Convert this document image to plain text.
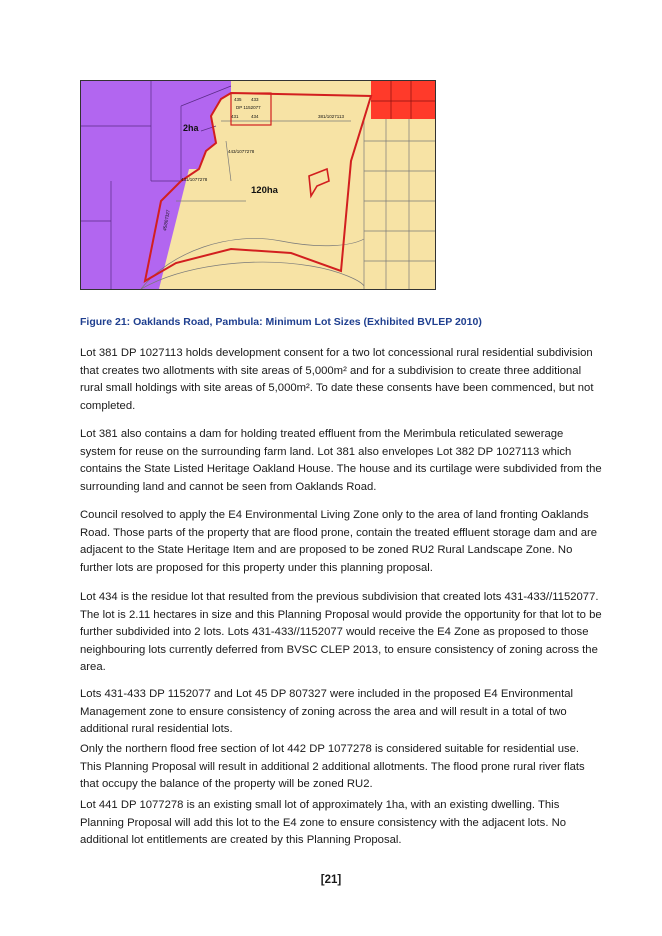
2ha
120ha
435 433
DP 1152077
431	434	381/1027113
443/1077278
431/1077278
45/807327
Figure 21: Oaklands Road, Pambula: Minimum Lot Sizes (Exhibited BVLEP 2010)

Lot 381 DP 1027113 holds development consent for a two lot concessional rural residential subdivision that creates two allotments with site areas of 5,000m² and for a subdivision to create three additional rural small holdings with site areas of 5,000m². To date these consents have been commenced, but not completed.

Lot 381 also contains a dam for holding treated effluent from the Merimbula reticulated sewerage system for reuse on the surrounding farm land. Lot 381 also envelopes Lot 382 DP 1027113 which contains the State Listed Heritage Oakland House. The house and its curtilage were subdivided from the surrounding land and cannot be seen from Oaklands Road.

Council resolved to apply the E4 Environmental Living Zone only to the area of land fronting Oaklands Road. Those parts of the property that are flood prone, contain the treated effluent storage dam and are adjacent to the State Heritage Item and are proposed to be zoned RU2 Rural Landscape Zone. No further lots are proposed for this property under this planning proposal.

Lot 434 is the residue lot that resulted from the previous subdivision that created lots 431-433//1152077. The lot is 2.11 hectares in size and this Planning Proposal would provide the opportunity for that lot to be further subdivided into 2 lots. Lots 431-433//1152077 would receive the E4 Zone as proposed to those neighbouring lots currently deferred from BVSC CLEP 2013, to ensure consistency of zoning across the area.

Lots 431-433 DP 1152077 and Lot 45 DP 807327 were included in the proposed E4 Environmental Management zone to ensure consistency of zoning across the area and will result in a total of two additional rural residential lots.

Only the northern flood free section of lot 442 DP 1077278 is considered suitable for residential use. This Planning Proposal will result in additional 2 additional allotments. The flood prone rural river flats that occupy the balance of the property will be zoned RU2.

Lot 441 DP 1077278 is an existing small lot of approximately 1ha, with an existing dwelling. This Planning Proposal will add this lot to the E4 zone to ensure consistency with the adjacent lots. No additional lot entitlements are created by this Planning Proposal.

[21]
